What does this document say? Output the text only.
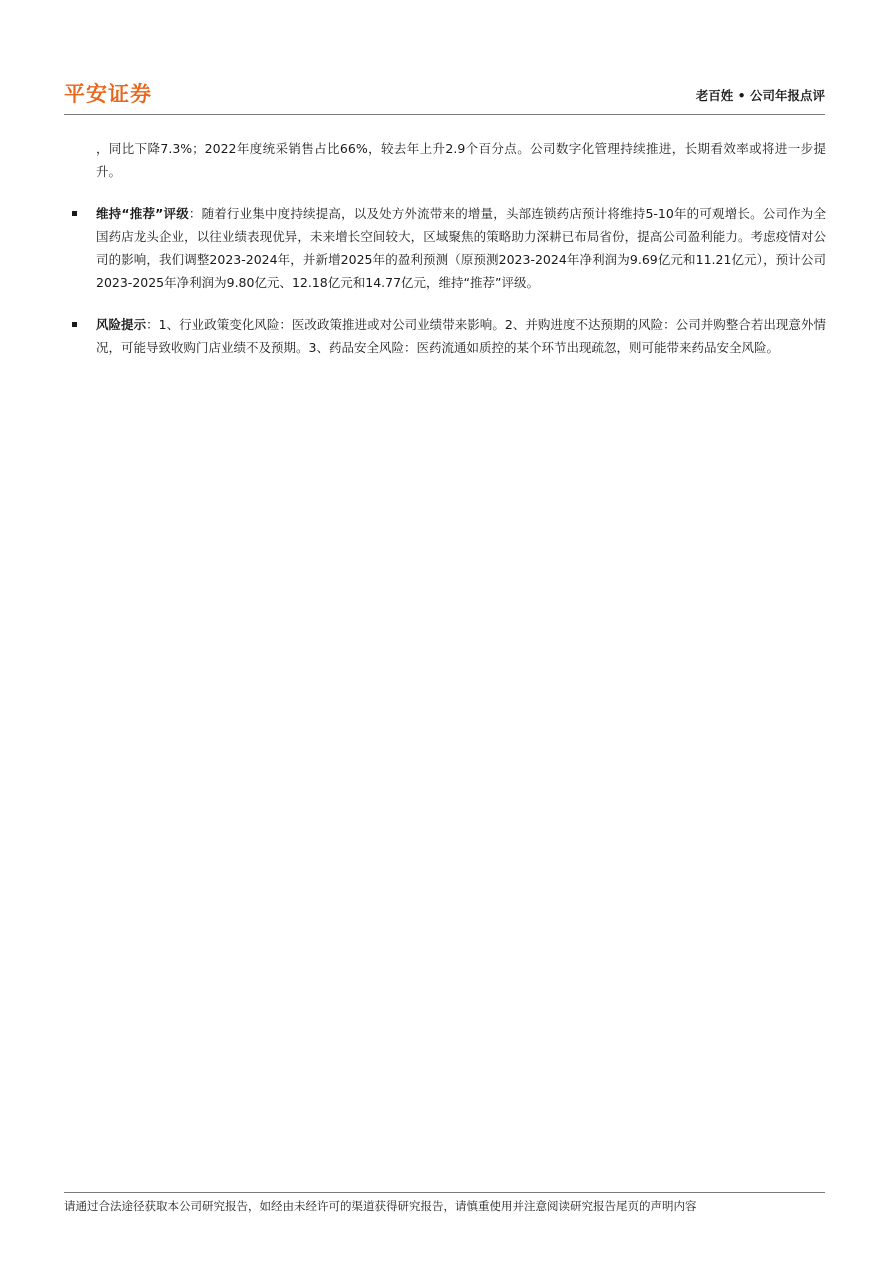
平安证券	老百姓 • 公司年报点评

，同比下降7.3%；2022年度统采销售占比66%，较去年上升2.9个百分点。公司数字化管理持续推进，长期看效率或将进一步提升。

维持“推荐”评级：随着行业集中度持续提高，以及处方外流带来的增量，头部连锁药店预计将维持5-10年的可观增长。公司作为全国药店龙头企业，以往业绩表现优异，未来增长空间较大，区域聚焦的策略助力深耕已布局省份，提高公司盈利能力。考虑疫情对公司的影响，我们调整2023-2024年，并新增2025年的盈利预测（原预测2023-2024年净利润为9.69亿元和11.21亿元），预计公司2023-2025年净利润为9.80亿元、12.18亿元和14.77亿元，维持“推荐”评级。

风险提示：1、行业政策变化风险：医改政策推进或对公司业绩带来影响。2、并购进度不达预期的风险：公司并购整合若出现意外情况，可能导致收购门店业绩不及预期。3、药品安全风险：医药流通如质控的某个环节出现疏忽，则可能带来药品安全风险。

请通过合法途径获取本公司研究报告，如经由未经许可的渠道获得研究报告，请慎重使用并注意阅读研究报告尾页的声明内容
